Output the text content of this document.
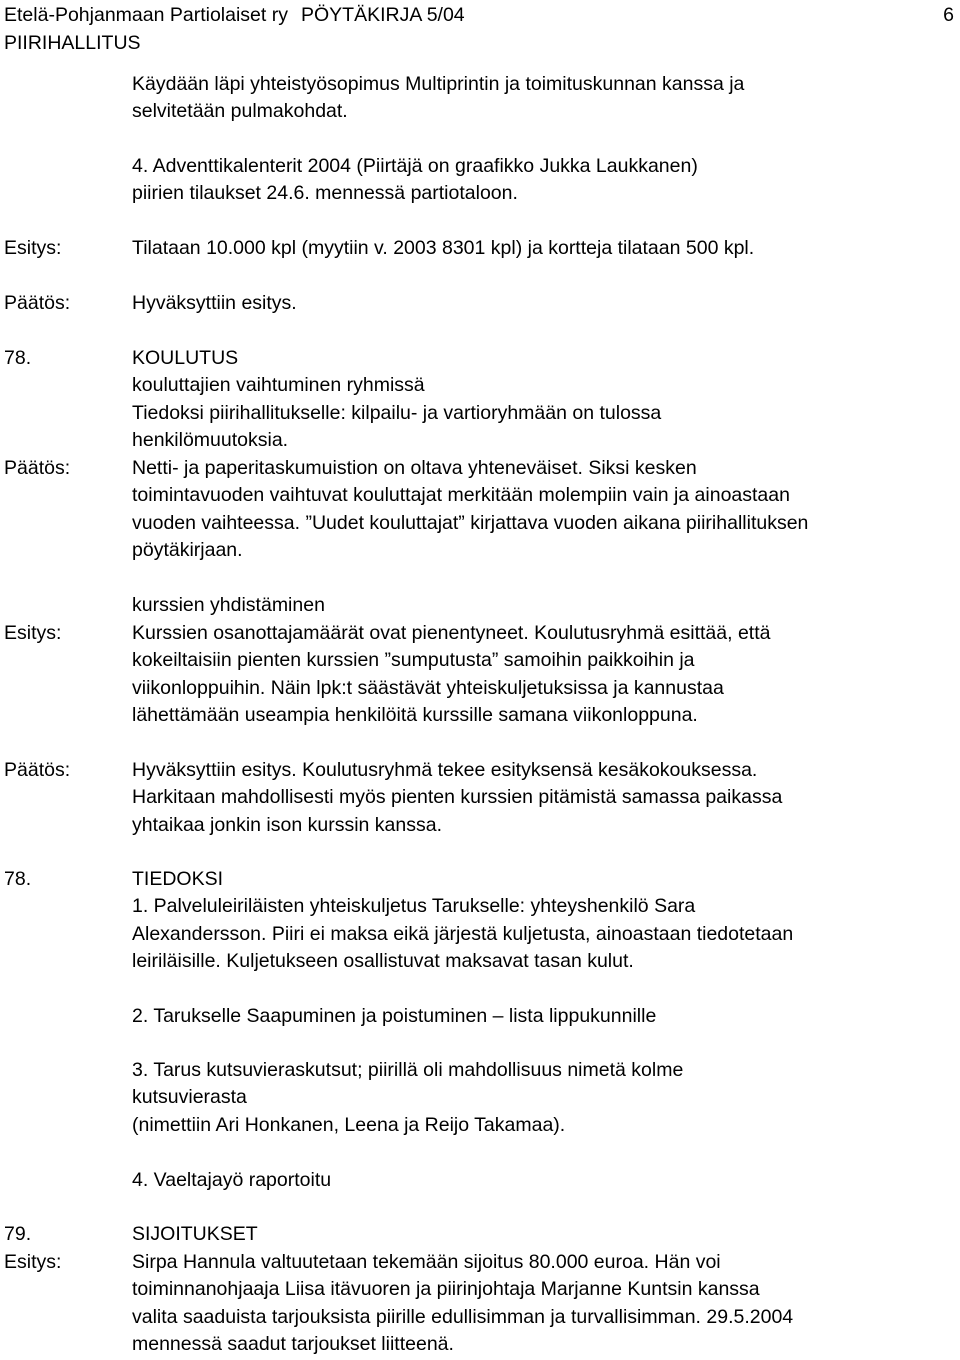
Etelä-Pohjanmaan Partiolaiset ry PÖYTÄKIRJA 5/04	6
PIIRIHALLITUS
Käydään läpi yhteistyösopimus Multiprintin ja toimituskunnan kanssa ja
selvitetään pulmakohdat.
4. Adventtikalenterit 2004 (Piirtäjä on graafikko Jukka Laukkanen)
piirien tilaukset 24.6. mennessä partiotaloon.
Esitys:	Tilataan 10.000 kpl (myytiin v. 2003 8301 kpl) ja kortteja tilataan 500 kpl.
Päätös:	Hyväksyttiin esitys.
78.	KOULUTUS
kouluttajien vaihtuminen ryhmissä
Tiedoksi piirihallitukselle: kilpailu- ja vartioryhmään on tulossa
henkilömuutoksia.
Päätös:	Netti- ja paperitaskumuistion on oltava yhteneväiset. Siksi kesken
toimintavuoden vaihtuvat kouluttajat merkitään molempiin vain ja ainoastaan
vuoden vaihteessa. ”Uudet kouluttajat” kirjattava vuoden aikana piirihallituksen
pöytäkirjaan.
kurssien yhdistäminen
Esitys:	Kurssien osanottajamäärät ovat pienentyneet. Koulutusryhmä esittää, että
kokeiltaisiin pienten kurssien ”sumputusta” samoihin paikkoihin ja
viikonloppuihin. Näin lpk:t säästävät yhteiskuljetuksissa ja kannustaa
lähettämään useampia henkilöitä kurssille samana viikonloppuna.
Päätös:	Hyväksyttiin esitys. Koulutusryhmä tekee esityksensä kesäkokouksessa.
Harkitaan mahdollisesti myös pienten kurssien pitämistä samassa paikassa
yhtaikaa jonkin ison kurssin kanssa.
78.	TIEDOKSI
1. Palveluleiriläisten yhteiskuljetus Tarukselle: yhteyshenkilö Sara
Alexandersson. Piiri ei maksa eikä järjestä kuljetusta, ainoastaan tiedotetaan
leiriläisille. Kuljetukseen osallistuvat maksavat tasan kulut.
2. Tarukselle Saapuminen ja poistuminen – lista lippukunnille
3. Tarus kutsuvieraskutsut; piirillä oli mahdollisuus nimetä kolme
kutsuvierasta
(nimettiin Ari Honkanen, Leena ja Reijo Takamaa).
4. Vaeltajayö raportoitu
79.	SIJOITUKSET
Esitys:	Sirpa Hannula valtuutetaan tekemään sijoitus 80.000 euroa. Hän voi
toiminnanohjaaja Liisa itävuoren ja piirinjohtaja Marjanne Kuntsin kanssa
valita saaduista tarjouksista piirille edullisimman ja turvallisimman. 29.5.2004
mennessä saadut tarjoukset liitteenä.
